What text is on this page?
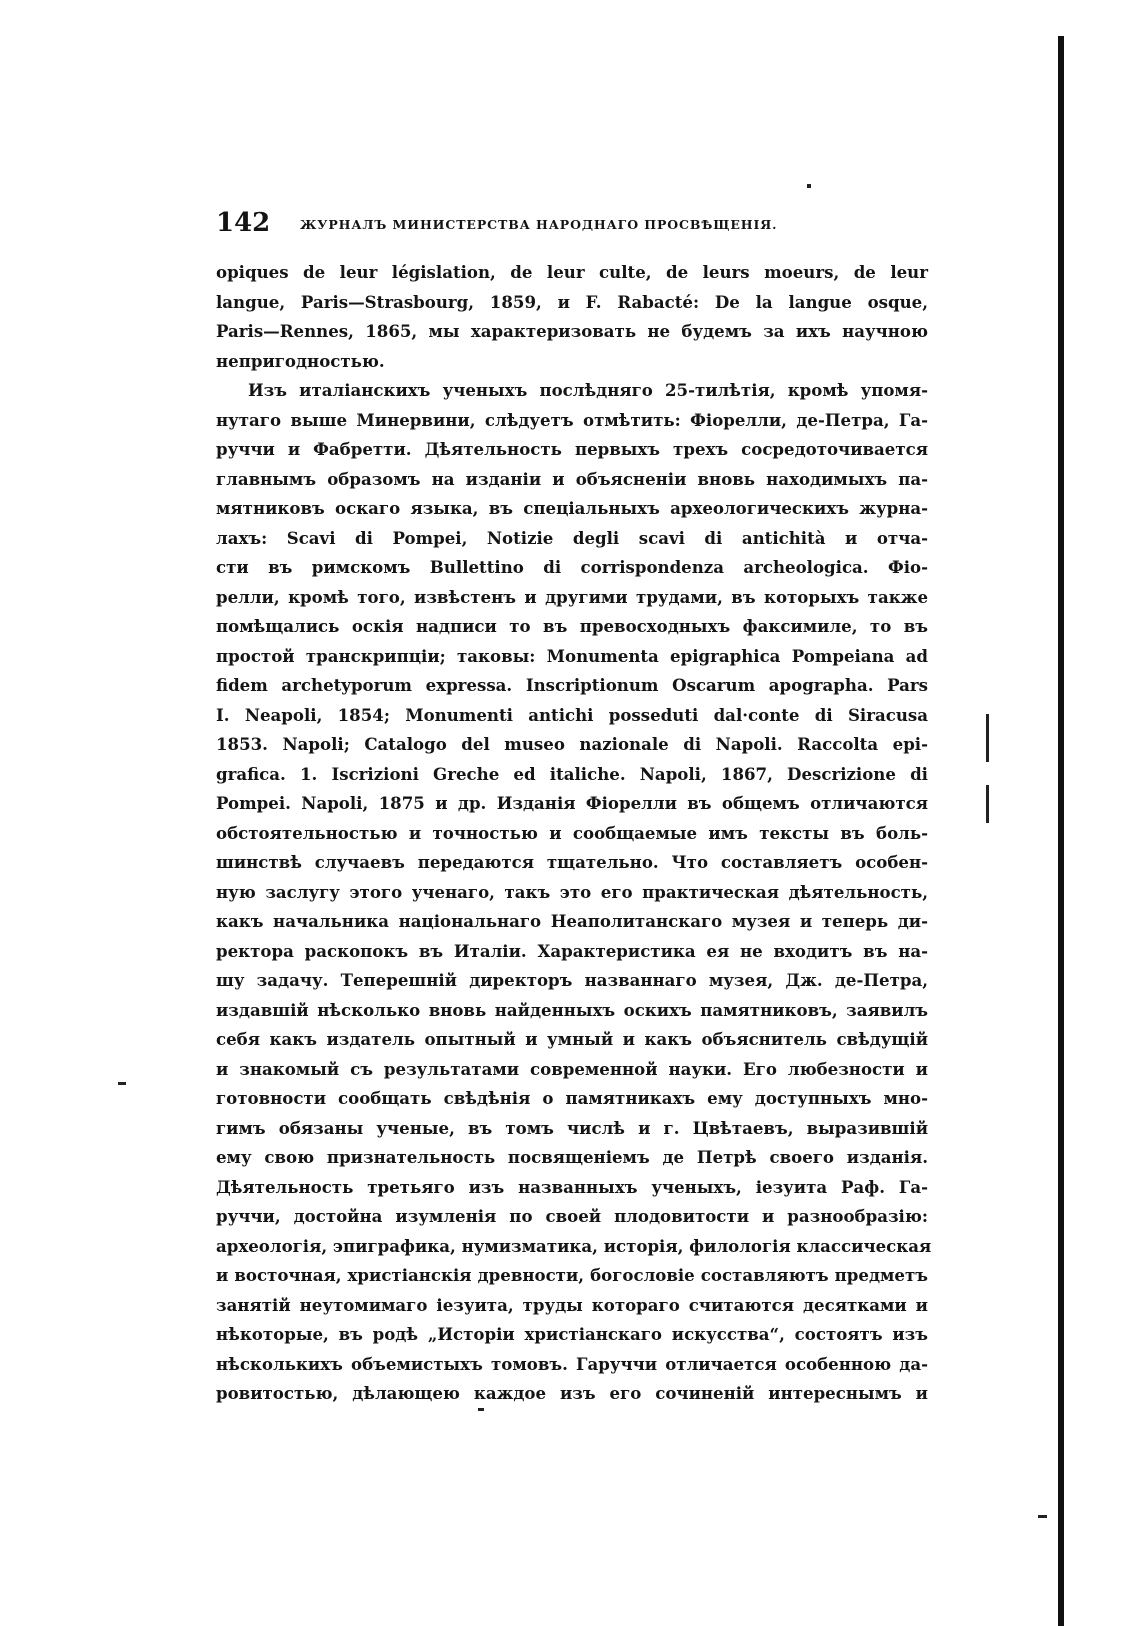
142 ЖУРНАЛЪ МИНИСТЕРСТВА НАРОДНАГО ПРОСВѢЩЕНІЯ.
opiques de leur législation, de leur culte, de leurs moeurs, de leur
langue, Paris—Strasbourg, 1859, и F. Rabacté: De la langue osque,
Paris—Rennes, 1865, мы характеризовать не будемъ за ихъ научною
непригодностью.
Изъ италіанскихъ ученыхъ послѣдняго 25-тилѣтія, кромѣ упомя-
нутаго выше Минервини, слѣдуетъ отмѣтить: Фіорелли, де-Петра, Га-
руччи и Фабретти. Дѣятельность первыхъ трехъ сосредоточивается
главнымъ образомъ на изданіи и объясненіи вновь находимыхъ па-
мятниковъ оскаго языка, въ спеціальныхъ археологическихъ журна-
лахъ: Scavi di Pompei, Notizie degli scavi di antichità и отча-
сти въ римскомъ Bullettino di corrispondenza archeologica. Фіо-
релли, кромѣ того, извѣстенъ и другими трудами, въ которыхъ также
помѣщались оскія надписи то въ превосходныхъ факсимиле, то въ
простой транскрипціи; таковы: Monumenta epigraphica Pompeiana ad
fidem archetyporum expressa. Inscriptionum Oscarum apographa. Pars
I. Neapoli, 1854; Monumenti antichi posseduti dal·conte di Siracusa
1853. Napoli; Catalogo del museo nazionale di Napoli. Raccolta epi-
grafica. 1. Iscrizioni Greche ed italiche. Napoli, 1867, Descrizione di
Pompei. Napoli, 1875 и др. Изданія Фіорелли въ общемъ отличаются
обстоятельностью и точностью и сообщаемые имъ тексты въ боль-
шинствѣ случаевъ передаются тщательно. Что составляетъ особен-
ную заслугу этого ученаго, такъ это его практическая дѣятельность,
какъ начальника національнаго Неаполитанскаго музея и теперь ди-
ректора раскопокъ въ Италіи. Характеристика ея не входитъ въ на-
шу задачу. Теперешній директоръ названнаго музея, Дж. де-Петра,
издавшій нѣсколько вновь найденныхъ оскихъ памятниковъ, заявилъ
себя какъ издатель опытный и умный и какъ объяснитель свѣдущій
и знакомый съ результатами современной науки. Его любезности и
готовности сообщать свѣдѣнія о памятникахъ ему доступныхъ мно-
гимъ обязаны ученые, въ томъ числѣ и г. Цвѣтаевъ, выразившій
ему свою признательность посвященіемъ де Петрѣ своего изданія.
Дѣятельность третьяго изъ названныхъ ученыхъ, іезуита Раф. Га-
руччи, достойна изумленія по своей плодовитости и разнообразію:
археологія, эпиграфика, нумизматика, исторія, филологія классическая
и восточная, христіанскія древности, богословіе составляютъ предметъ
занятій неутомимаго іезуита, труды котораго считаются десятками и
нѣкоторые, въ родѣ „Исторіи христіанскаго искусства“, состоятъ изъ
нѣсколькихъ объемистыхъ томовъ. Гаруччи отличается особенною да-
ровитостью, дѣлающею каждое изъ его сочиненій интереснымъ и
